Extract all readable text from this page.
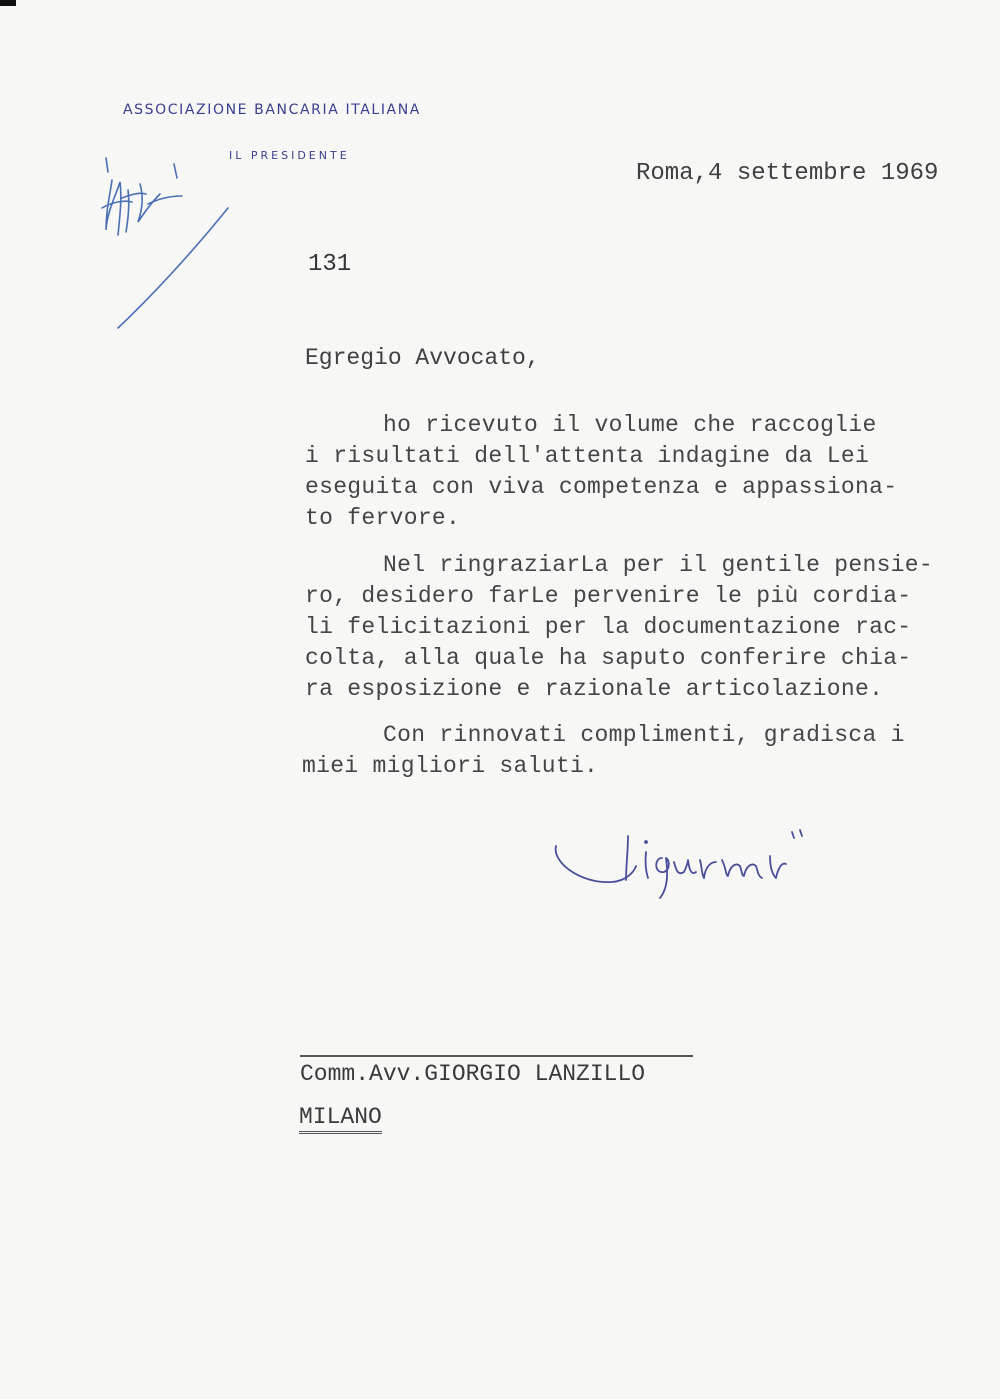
ASSOCIAZIONE BANCARIA ITALIANA
IL PRESIDENTE
Roma,4 settembre 1969
131
Egregio Avvocato,
ho ricevuto il volume che raccoglie
i risultati dell'attenta indagine da Lei
eseguita con viva competenza e appassiona-
to fervore.
Nel ringraziarLa per il gentile pensie-
ro, desidero farLe pervenire le più cordia-
li felicitazioni per la documentazione rac-
colta, alla quale ha saputo conferire chia-
ra esposizione e razionale articolazione.
Con rinnovati complimenti, gradisca i
miei migliori saluti.
Comm.Avv.GIORGIO LANZILLO
MILANO
